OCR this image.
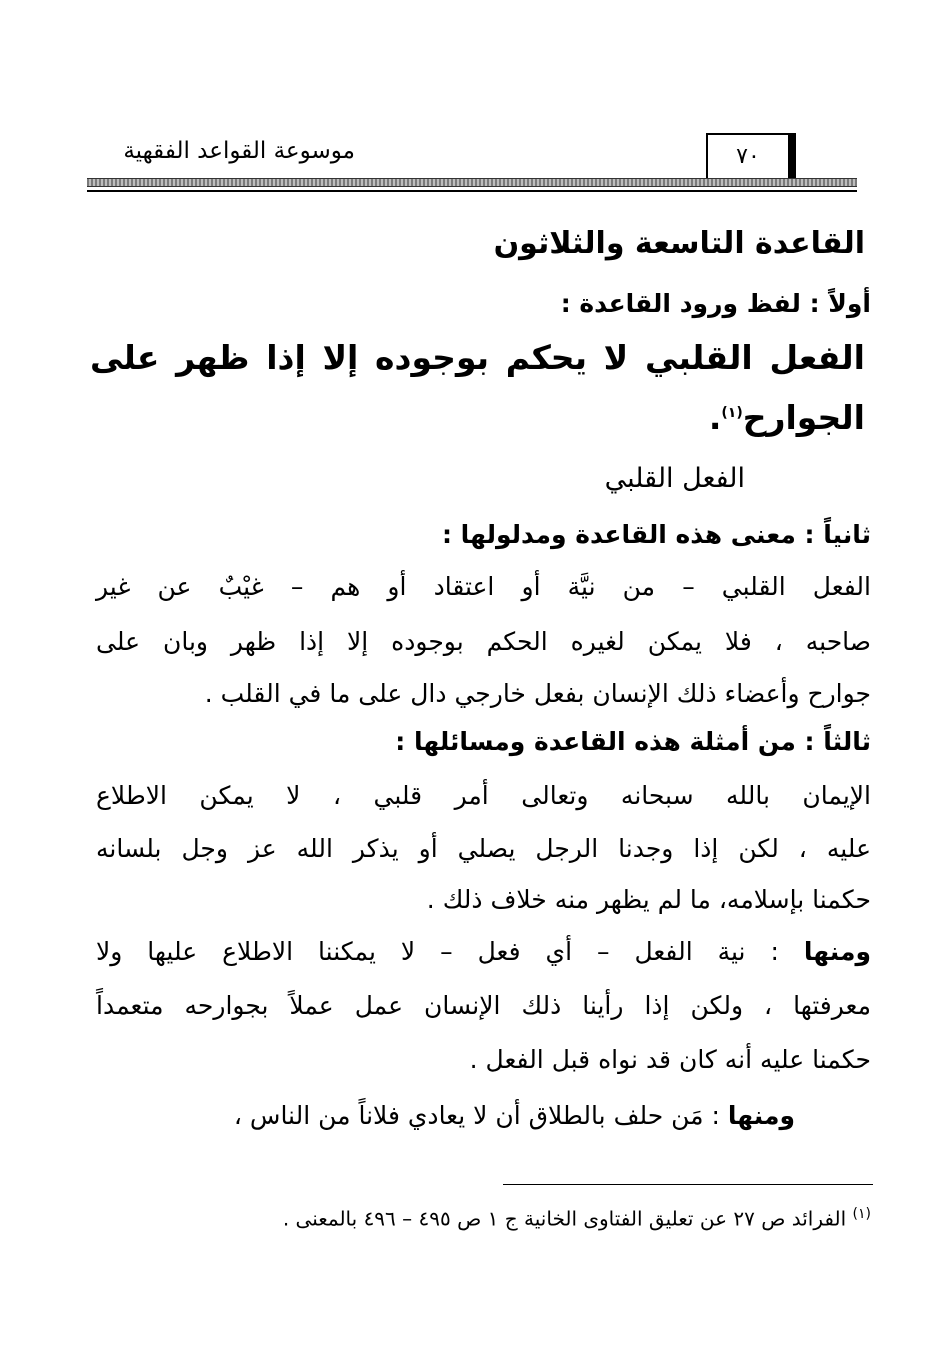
موسوعة القواعد الفقهية	٧٠
القاعدة التاسعة والثلاثون
أولاً : لفظ ورود القاعدة :
الفعل القلبي لا يحكم بوجوده إلا إذا ظهر على
الجوارح$^{(١)}$.
الفعل القلبي
ثانياً : معنى هذه القاعدة ومدلولها :
الفعل القلبي – من نيَّة أو اعتقاد أو هم – غيْبٌ عن غير
صاحبه ، فلا يمكن لغيره الحكم بوجوده إلا إذا ظهر وبان على
جوارح وأعضاء ذلك الإنسان بفعل خارجي دال على ما في القلب .
ثالثاً : من أمثلة هذه القاعدة ومسائلها :
الإيمان بالله سبحانه وتعالى أمر قلبي ، لا يمكن الاطلاع
عليه ، لكن إذا وجدنا الرجل يصلي أو يذكر الله عز وجل بلسانه
حكمنا بإسلامه، ما لم يظهر منه خلاف ذلك .
ومنها : نية الفعل – أي فعل – لا يمكننا الاطلاع عليها ولا
معرفتها ، ولكن إذا رأينا ذلك الإنسان عمل عملاً بجوارحه متعمداً
حكمنا عليه أنه كان قد نواه قبل الفعل .
ومنها : مَن حلف بالطلاق أن لا يعادي فلاناً من الناس ،
$^{(١)}$ الفرائد ص ٢٧ عن تعليق الفتاوى الخانية ج ١ ص ٤٩٥ – ٤٩٦ بالمعنى .
